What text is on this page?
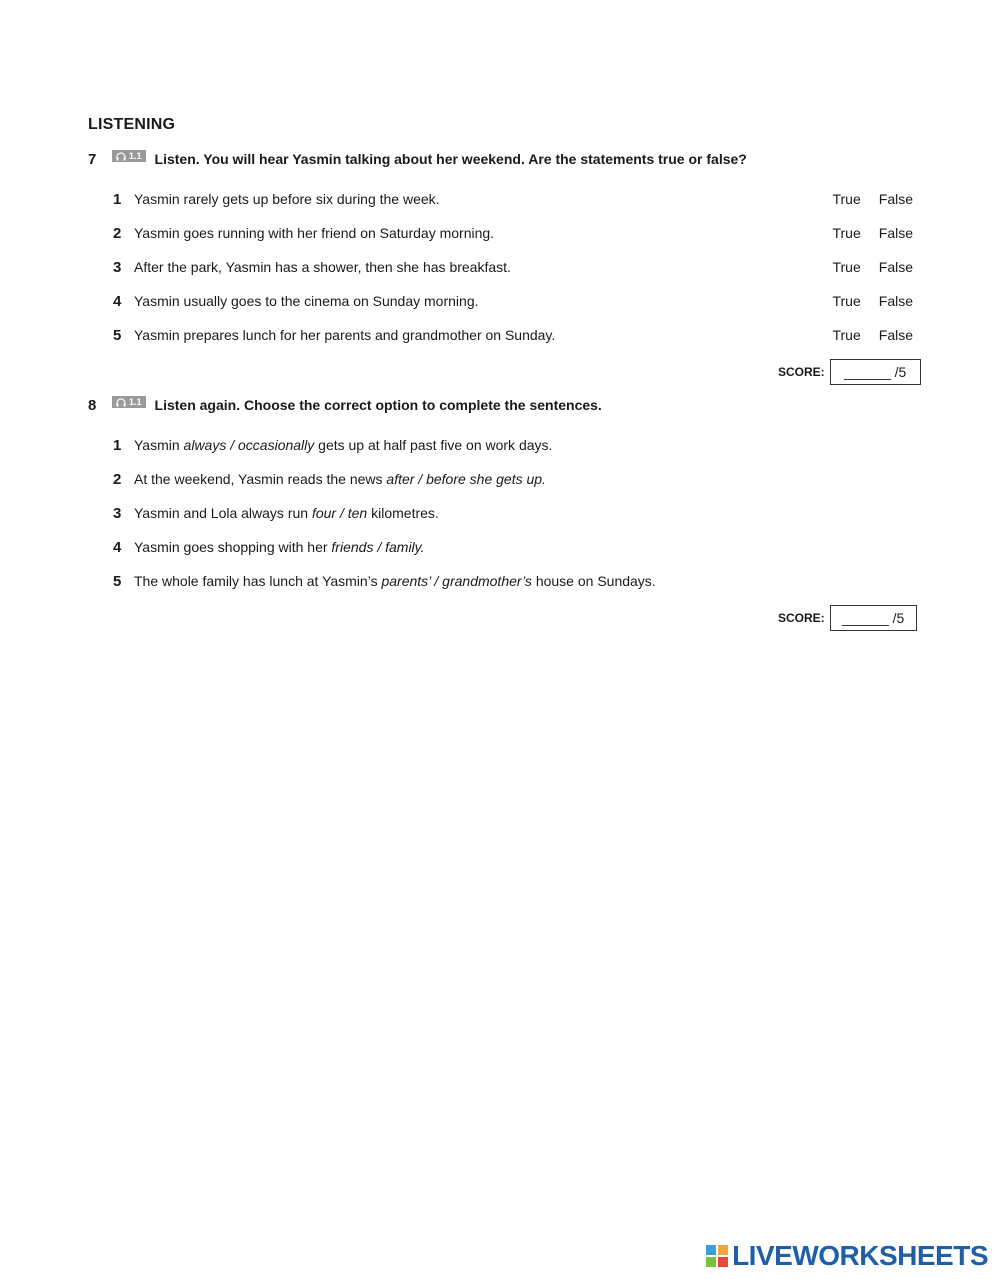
LISTENING
7	1.1 Listen. You will hear Yasmin talking about her weekend. Are the statements true or false?
1 Yasmin rarely gets up before six during the week.	True False
2 Yasmin goes running with her friend on Saturday morning.	True False
3 After the park, Yasmin has a shower, then she has breakfast.	True False
4 Yasmin usually goes to the cinema on Sunday morning.	True False
5 Yasmin prepares lunch for her parents and grandmother on Sunday.	True False
SCORE:	______ /5
8	1.1 Listen again. Choose the correct option to complete the sentences.
1 Yasmin always / occasionally gets up at half past five on work days.
2 At the weekend, Yasmin reads the news after / before she gets up.
3 Yasmin and Lola always run four / ten kilometres.
4 Yasmin goes shopping with her friends / family.
5 The whole family has lunch at Yasmin’s parents’ / grandmother’s house on Sundays.
SCORE:	______ /5
LIVEWORKSHEETS
